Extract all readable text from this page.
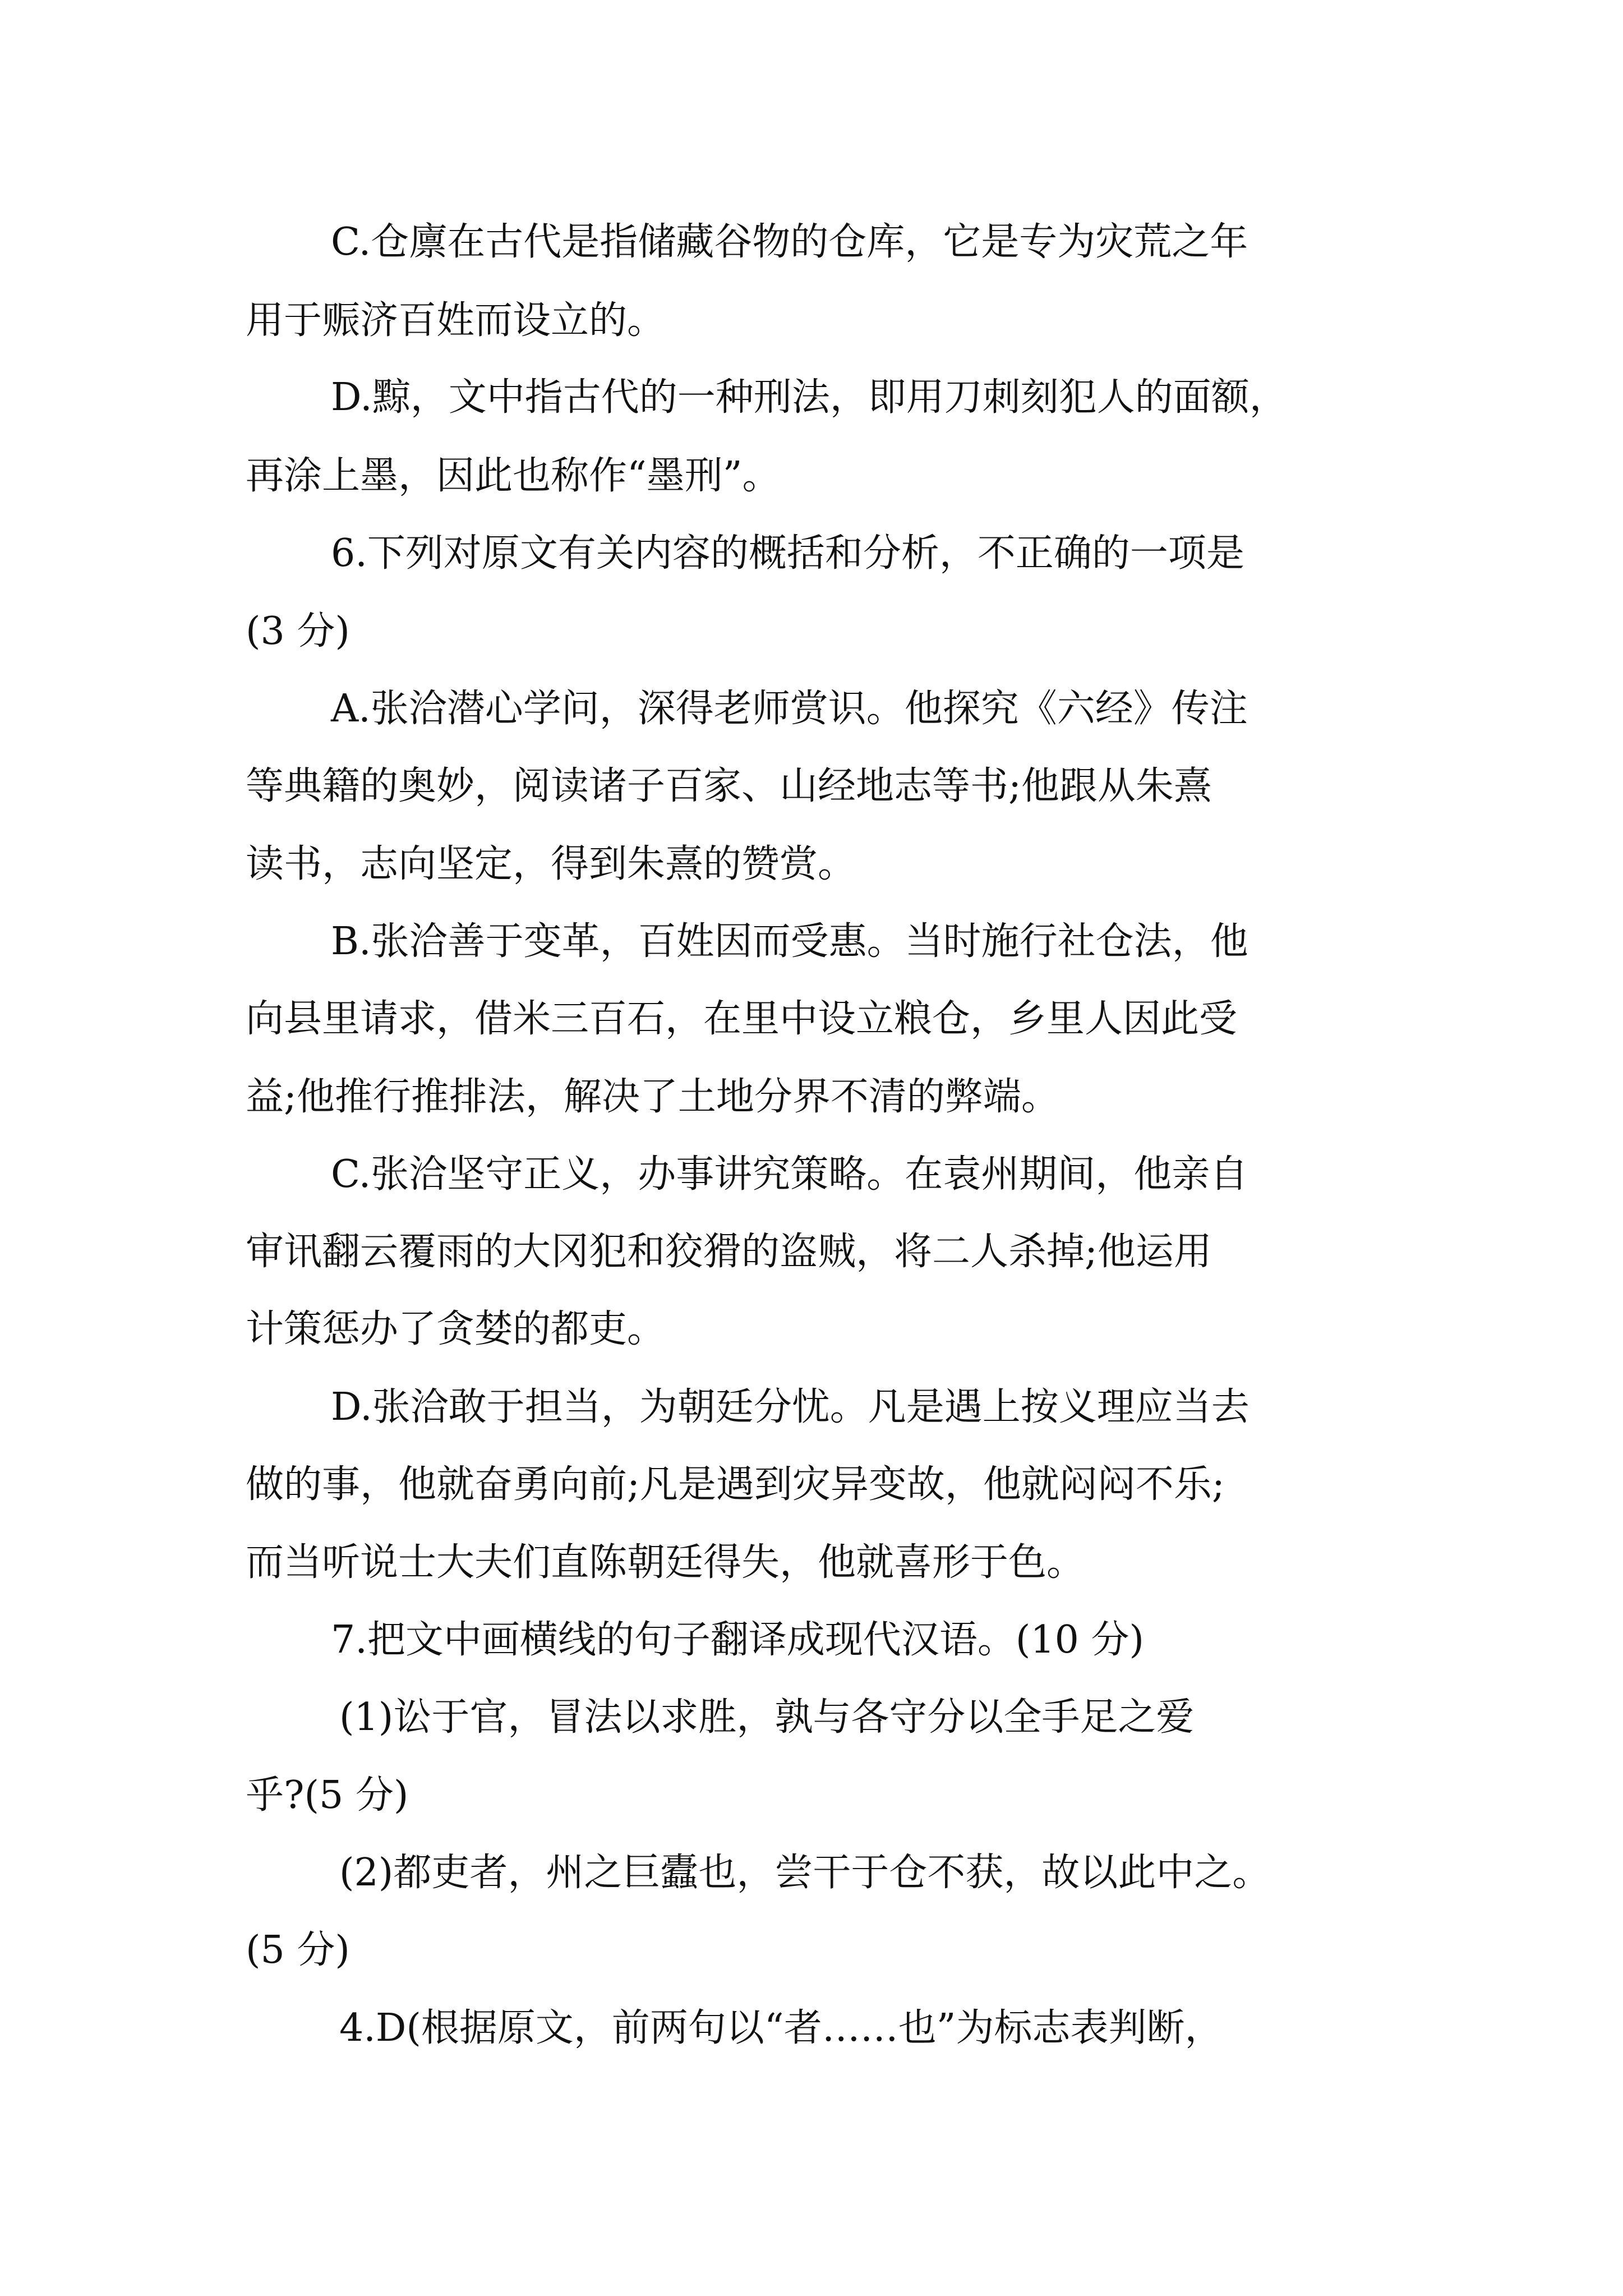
C.仓廪在古代是指储藏谷物的仓库，它是专为灾荒之年
用于赈济百姓而设立的。
D.黥，文中指古代的一种刑法，即用刀刺刻犯人的面额，
再涂上墨，因此也称作“墨刑”。
6.下列对原文有关内容的概括和分析，不正确的一项是
(3 分)
A.张洽潜心学问，深得老师赏识。他探究《六经》传注
等典籍的奥妙，阅读诸子百家、山经地志等书;他跟从朱熹
读书，志向坚定，得到朱熹的赞赏。
B.张洽善于变革，百姓因而受惠。当时施行社仓法，他
向县里请求，借米三百石，在里中设立粮仓，乡里人因此受
益;他推行推排法，解决了土地分界不清的弊端。
C.张洽坚守正义，办事讲究策略。在袁州期间，他亲自
审讯翻云覆雨的大冈犯和狡猾的盗贼，将二人杀掉;他运用
计策惩办了贪婪的都吏。
D.张洽敢于担当，为朝廷分忧。凡是遇上按义理应当去
做的事，他就奋勇向前;凡是遇到灾异变故，他就闷闷不乐;
而当听说士大夫们直陈朝廷得失，他就喜形于色。
7.把文中画横线的句子翻译成现代汉语。(10 分)
(1)讼于官，冒法以求胜，孰与各守分以全手足之爱
乎?(5 分)
(2)都吏者，州之巨蠹也，尝干于仓不获，故以此中之。
(5 分)
4.D(根据原文，前两句以“者……也”为标志表判断，
